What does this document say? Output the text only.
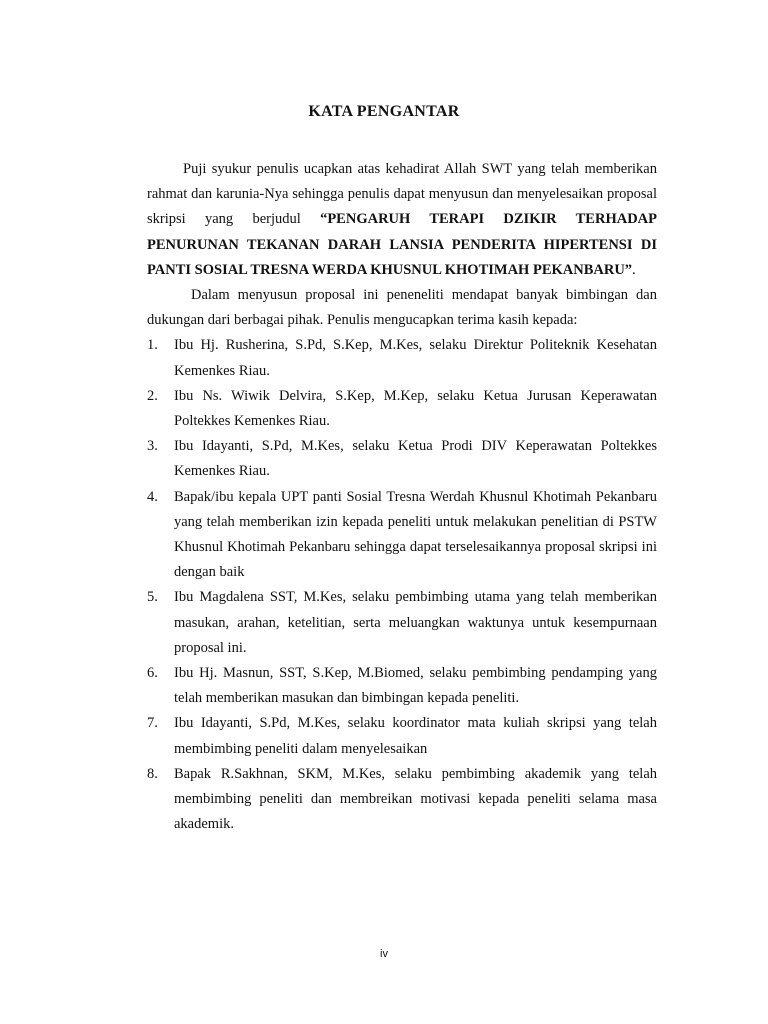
KATA PENGANTAR

Puji syukur penulis ucapkan atas kehadirat Allah SWT yang telah memberikan rahmat dan karunia-Nya sehingga penulis dapat menyusun dan menyelesaikan proposal skripsi yang berjudul “PENGARUH TERAPI DZIKIR TERHADAP PENURUNAN TEKANAN DARAH LANSIA PENDERITA HIPERTENSI DI PANTI SOSIAL TRESNA WERDA KHUSNUL KHOTIMAH PEKANBARU”.

Dalam menyusun proposal ini peneneliti mendapat banyak bimbingan dan dukungan dari berbagai pihak. Penulis mengucapkan terima kasih kepada:

1. Ibu Hj. Rusherina, S.Pd, S.Kep, M.Kes, selaku Direktur Politeknik Kesehatan Kemenkes Riau.
2. Ibu Ns. Wiwik Delvira, S.Kep, M.Kep, selaku Ketua Jurusan Keperawatan Poltekkes Kemenkes Riau.
3. Ibu Idayanti, S.Pd, M.Kes, selaku Ketua Prodi DIV Keperawatan Poltekkes Kemenkes Riau.
4. Bapak/ibu kepala UPT panti Sosial Tresna Werdah Khusnul Khotimah Pekanbaru yang telah memberikan izin kepada peneliti untuk melakukan penelitian di PSTW Khusnul Khotimah Pekanbaru sehingga dapat terselesaikannya proposal skripsi ini dengan baik
5. Ibu Magdalena SST, M.Kes, selaku pembimbing utama yang telah memberikan masukan, arahan, ketelitian, serta meluangkan waktunya untuk kesempurnaan proposal ini.
6. Ibu Hj. Masnun, SST, S.Kep, M.Biomed, selaku pembimbing pendamping yang telah memberikan masukan dan bimbingan kepada peneliti.
7. Ibu Idayanti, S.Pd, M.Kes, selaku koordinator mata kuliah skripsi yang telah membimbing peneliti dalam menyelesaikan
8. Bapak R.Sakhnan, SKM, M.Kes, selaku pembimbing akademik yang telah membimbing peneliti dan membreikan motivasi kepada peneliti selama masa akademik.
iv
